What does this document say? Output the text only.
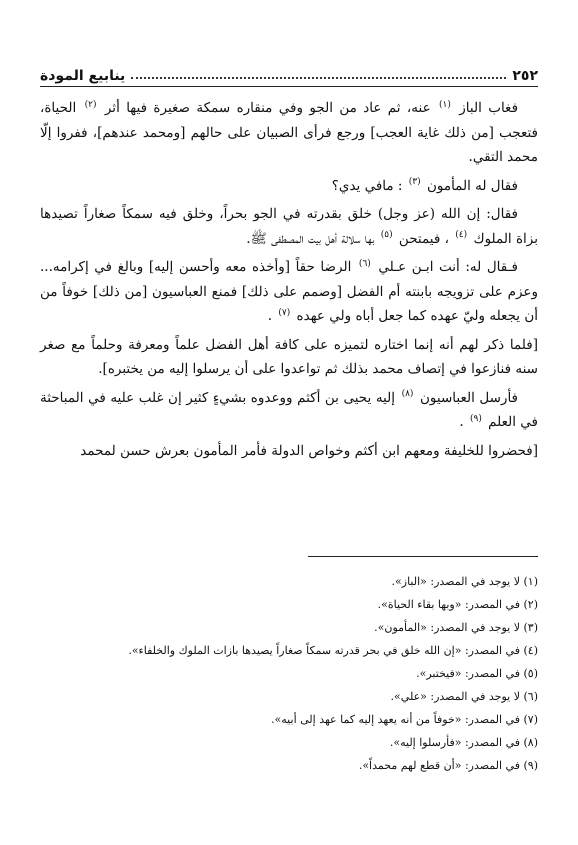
٢٥٢
ينابيع المودة

فغاب الباز $^{(١)}$ عنه، ثم عاد من الجو وفي منقاره سمكة صغيرة فيها أثر $^{(٢)}$ الحياة، فتعجب [من ذلك غاية العجب] ورجع فرأى الصبيان على حالهم [ومحمد عندهم]، ففروا إلّا محمد التقي.

فقال له المأمون $^{(٣)}$ : مافي يدي؟

فقال: إن الله (عز وجل) خلق بقدرته في الجو بحراً، وخلق فيه سمكاً صغاراً تصيدها بزاة الملوك $^{(٤)}$ ، فيمتحن $^{(٥)}$ بها سلالة أهل بيت المصطفى ﷺ.

فـقال له: أنت ابـن عـلي $^{(٦)}$ الرضا حقاً [وأخذه معه وأحسن إليه] وبالغ في إكرامه... وعزم على تزويجه بابنته أم الفضل [وصمم على ذلك] فمنع العباسيون [من ذلك] خوفاً من أن يجعله وليّ عهده كما جعل أباه ولي عهده $^{(٧)}$ .

[فلما ذكر لهم أنه إنما اختاره لتميزه على كافة أهل الفضل علماً ومعرفة وحلماً مع صغر سنه فنازعوا في إتصاف محمد بذلك ثم تواعدوا على أن يرسلوا إليه من يختبره].

فأرسل العباسيون $^{(٨)}$ إليه يحيى بن أكثم ووعدوه بشيءٍ كثير إن غلب عليه في المباحثة في العلم $^{(٩)}$ .

[فحضروا للخليفة ومعهم ابن أكثم وخواص الدولة فأمر المأمون بعرش حسن لمحمد

(١) لا يوجد في المصدر: «الباز».
(٢) في المصدر: «وبها بقاء الحياة».
(٣) لا يوجد في المصدر: «المأمون».
(٤) في المصدر: «إن الله خلق في بحر قدرته سمكاً صغاراً يصيدها بازات الملوك والخلفاء».
(٥) في المصدر: «فيختبر».
(٦) لا يوجد في المصدر: «علي».
(٧) في المصدر: «خوفاً من أنه يعهد إليه كما عهد إلى أبيه».
(٨) في المصدر: «فأرسلوا إليه».
(٩) في المصدر: «أن قطع لهم محمداً».
